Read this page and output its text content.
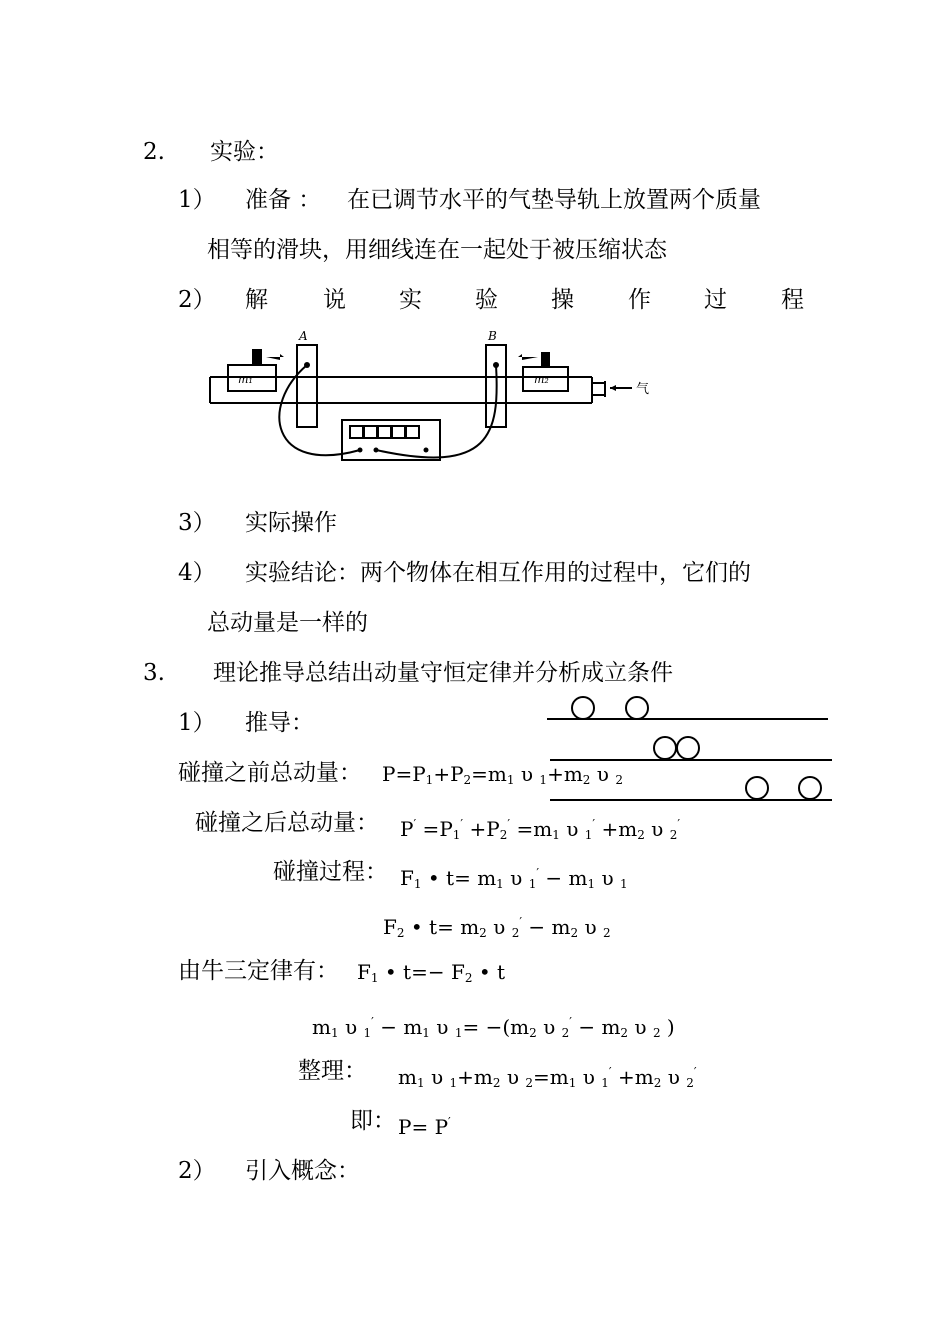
2. 实验：
1） 准备 ： 在已调节水平的气垫导轨上放置两个质量
相等的滑块，用细线连在一起处于被压缩状态
2） 解 说 实 验 操 作 过 程
A	B
m₁	m₂
气
3） 实际操作
4） 实验结论：两个物体在相互作用的过程中，它们的
总动量是一样的
3. 理论推导总结出动量守恒定律并分析成立条件
1） 推导：
碰撞之前总动量： $P=P_1+P_2=m_1$ υ $_1+m_2$ υ $_2$
碰撞之后总动量： $P' =P_1' +P_2' =m_1$ υ $_1' +m_2$ υ $_2$′
碰撞过程： $F_1$ • $t= m_1$ υ $_1' - m_1$ υ $_1$
$F_2$ • $t= m_2$ υ $_2' - m_2$ υ $_2$
由牛三定律有： $F_1$ • $t=- F_2$ • t
$m_1$ υ $_1' - m_1$ υ $_1= -(m_2$ υ $_2' - m_2$ υ $_2$ )
整理： $m_1$ υ $_1+m_2$ υ $_2=m_1$ υ $_1' +m_2$ υ $_2$′
即： P= P′
2） 引入概念：
